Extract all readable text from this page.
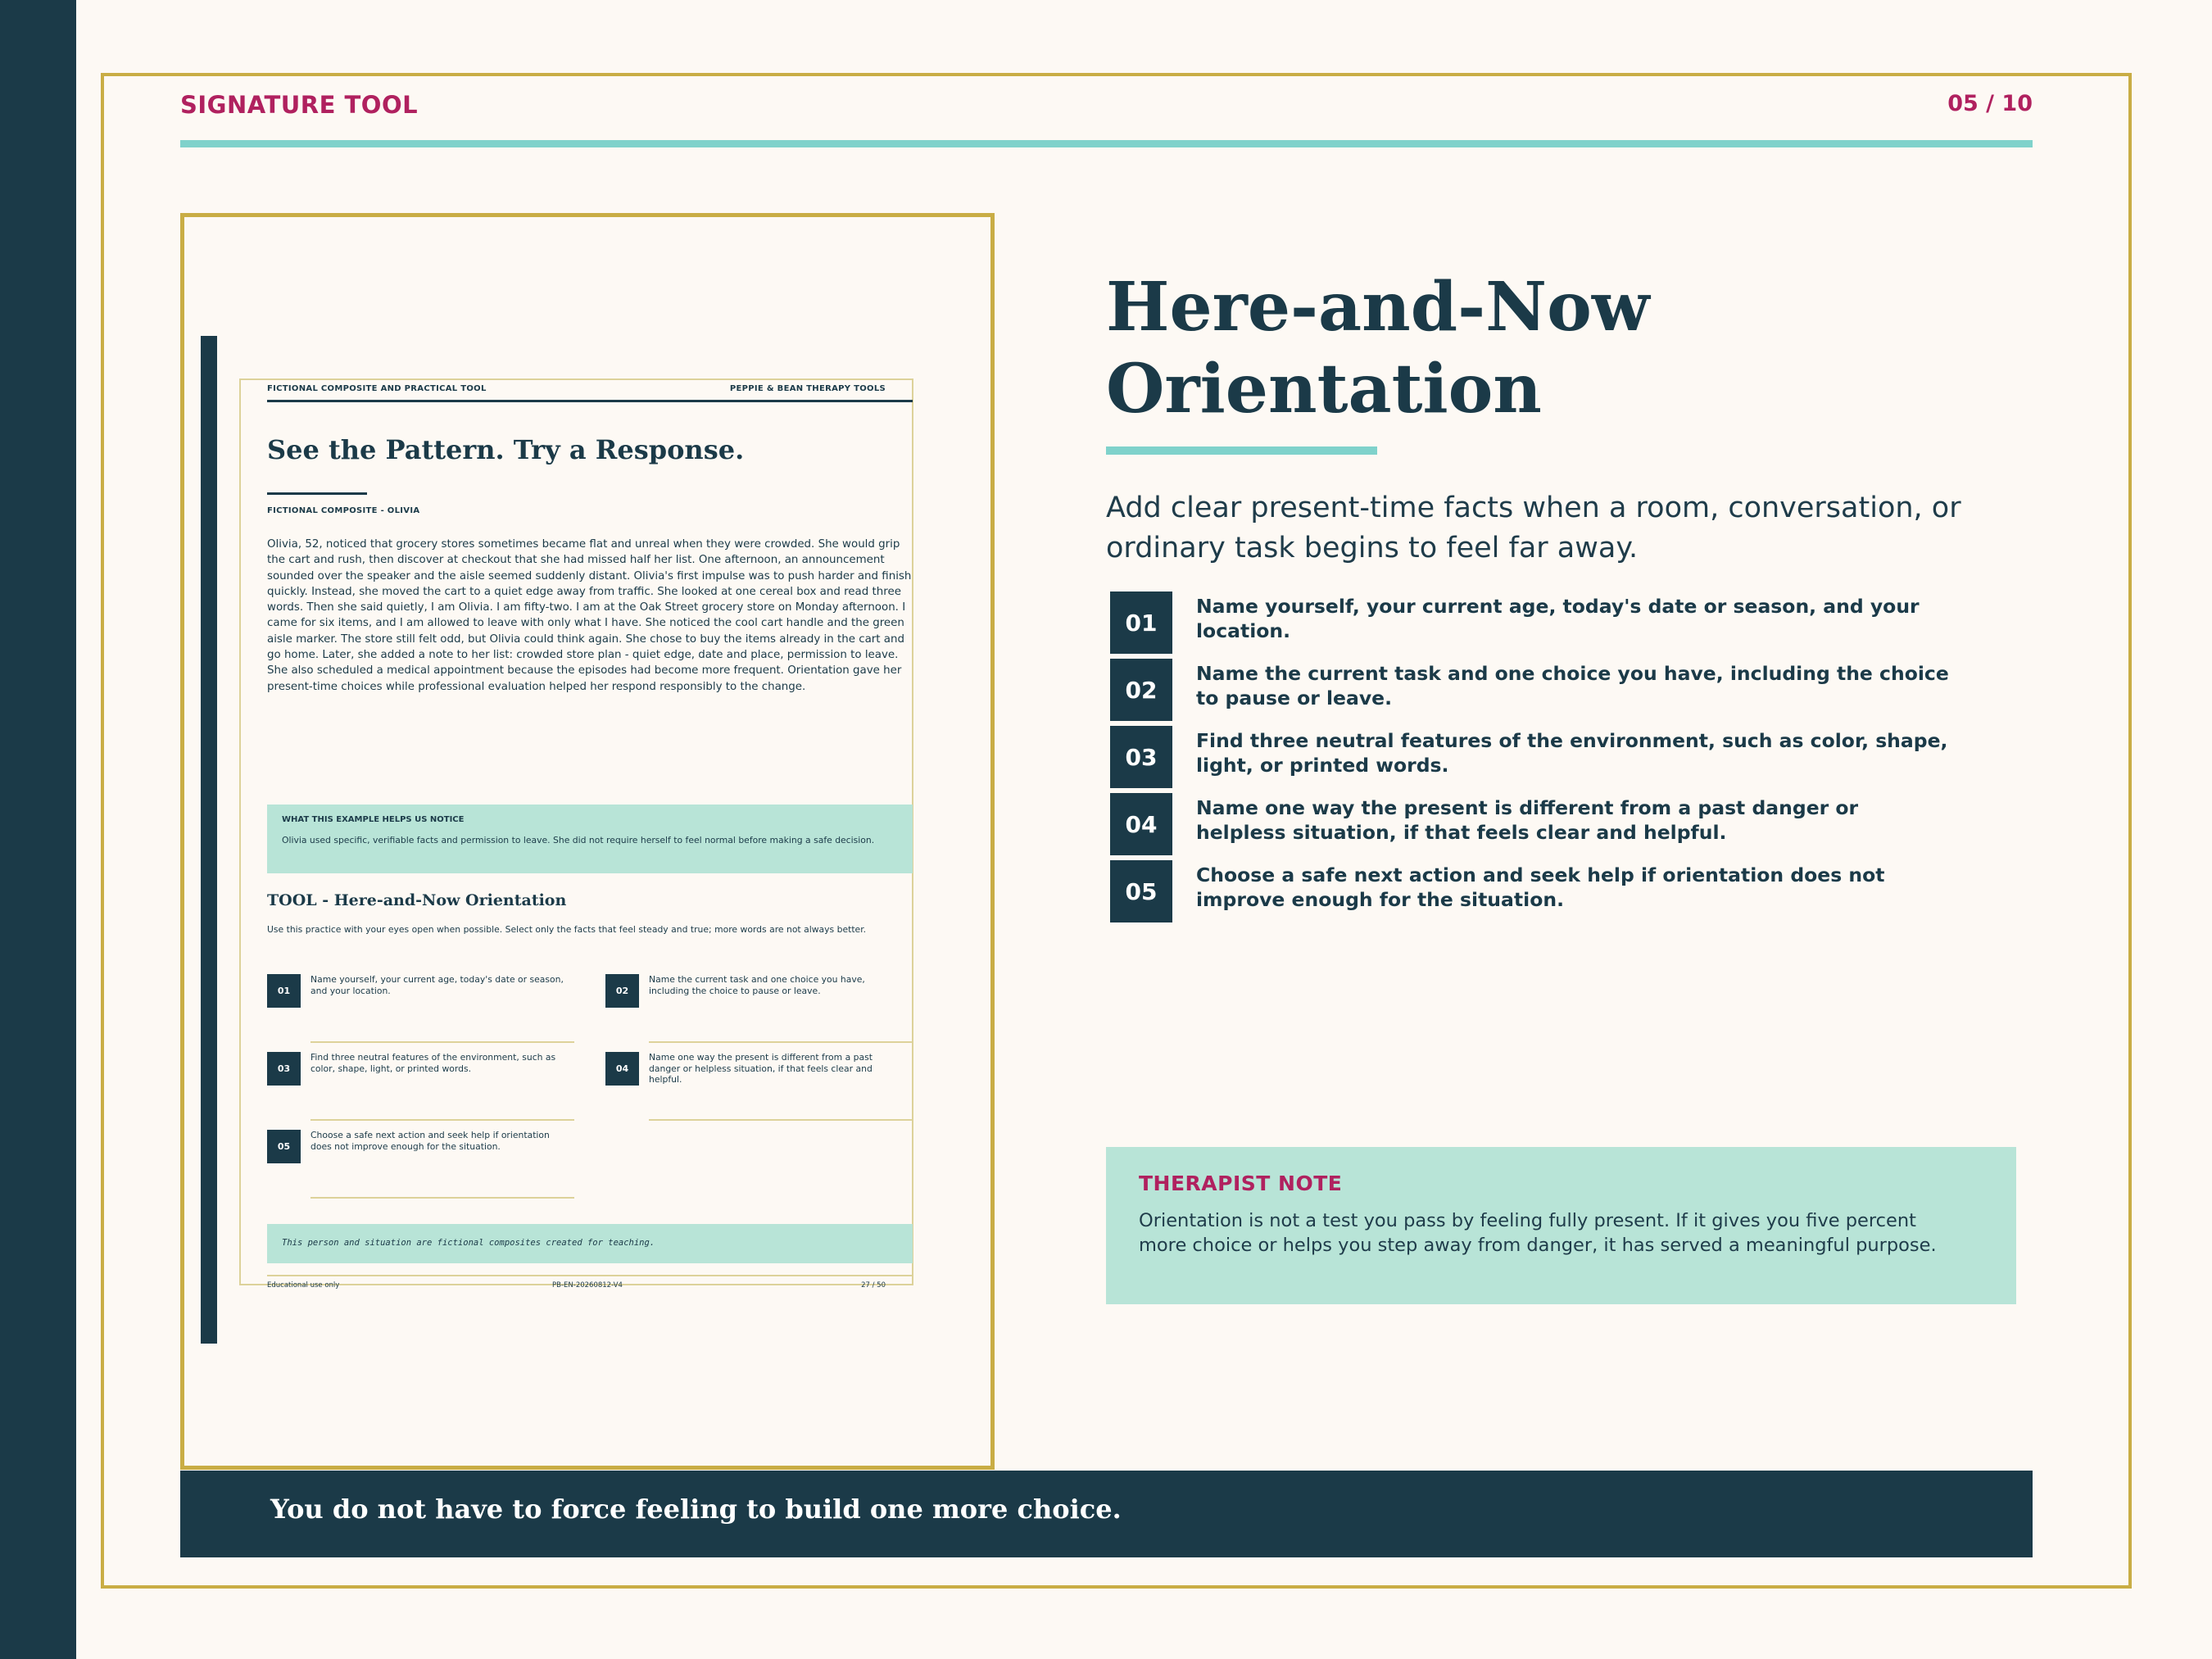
SIGNATURE TOOL	05 / 10
FICTIONAL COMPOSITE AND PRACTICAL TOOL	PEPPIE & BEAN THERAPY TOOLS
See the Pattern. Try a Response.
FICTIONAL COMPOSITE - OLIVIA

Olivia, 52, noticed that grocery stores sometimes became flat and unreal when they were crowded. She would grip the cart and rush, then discover at checkout that she had missed half her list. One afternoon, an announcement sounded over the speaker and the aisle seemed suddenly distant. Olivia's first impulse was to push harder and finish quickly. Instead, she moved the cart to a quiet edge away from traffic. She looked at one cereal box and read three words. Then she said quietly, I am Olivia. I am fifty-two. I am at the Oak Street grocery store on Monday afternoon. I came for six items, and I am allowed to leave with only what I have. She noticed the cool cart handle and the green aisle marker. The store still felt odd, but Olivia could think again. She chose to buy the items already in the cart and go home. Later, she added a note to her list: crowded store plan - quiet edge, date and place, permission to leave. She also scheduled a medical appointment because the episodes had become more frequent. Orientation gave her present-time choices while professional evaluation helped her respond responsibly to the change.

WHAT THIS EXAMPLE HELPS US NOTICE
Olivia used specific, verifiable facts and permission to leave. She did not require herself to feel normal before making a safe decision.
TOOL - Here-and-Now Orientation
Use this practice with your eyes open when possible. Select only the facts that feel steady and true; more words are not always better.
01
Name yourself, your current age, today's date or season, and your location.	02
Name the current task and one choice you have, including the choice to pause or leave.
03
Find three neutral features of the environment, such as color, shape, light, or printed words.	04
Name one way the present is different from a past danger or helpless situation, if that feels clear and helpful.
05
Choose a safe next action and seek help if orientation does not improve enough for the situation.
This person and situation are fictional composites created for teaching.
Educational use only	PB-EN-20260812-V4	27 / 50
Here-and-Now Orientation

Add clear present-time facts when a room, conversation, or ordinary task begins to feel far away.

01
Name yourself, your current age, today's date or season, and your location.
02
Name the current task and one choice you have, including the choice to pause or leave.
03
Find three neutral features of the environment, such as color, shape, light, or printed words.
04
Name one way the present is different from a past danger or helpless situation, if that feels clear and helpful.
05
Choose a safe next action and seek help if orientation does not improve enough for the situation.
THERAPIST NOTE
Orientation is not a test you pass by feeling fully present. If it gives you five percent more choice or helps you step away from danger, it has served a meaningful purpose.
You do not have to force feeling to build one more choice.
